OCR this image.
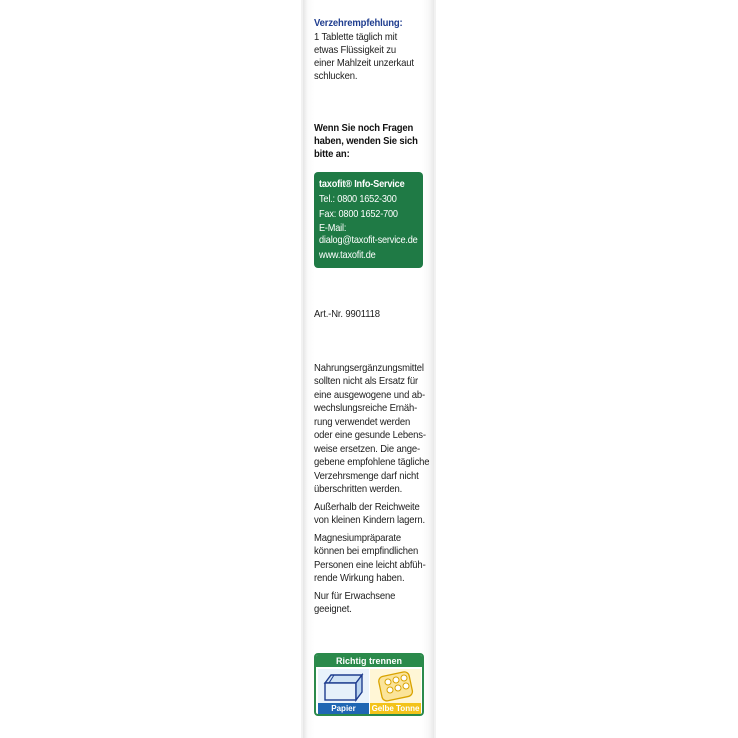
Verzehrempfehlung:
1 Tablette täglich mit
etwas Flüssigkeit zu
einer Mahlzeit unzerkaut
schlucken.
Wenn Sie noch Fragen
haben, wenden Sie sich
bitte an:
taxofit® Info-Service
Tel.: 0800 1652-300
Fax: 0800 1652-700
E-Mail:
dialog@taxofit-service.de
www.taxofit.de
Art.-Nr. 9901118
Nahrungsergänzungsmittel
sollten nicht als Ersatz für
eine ausgewogene und ab-
wechslungsreiche Ernäh-
rung verwendet werden
oder eine gesunde Lebens-
weise ersetzen. Die ange-
gebene empfohlene tägliche
Verzehrsmenge darf nicht
überschritten werden.
Außerhalb der Reichweite
von kleinen Kindern lagern.
Magnesiumpräparate
können bei empfindlichen
Personen eine leicht abfüh-
rende Wirkung haben.
Nur für Erwachsene
geeignet.
Richtig trennen
Papier	Gelbe Tonne
